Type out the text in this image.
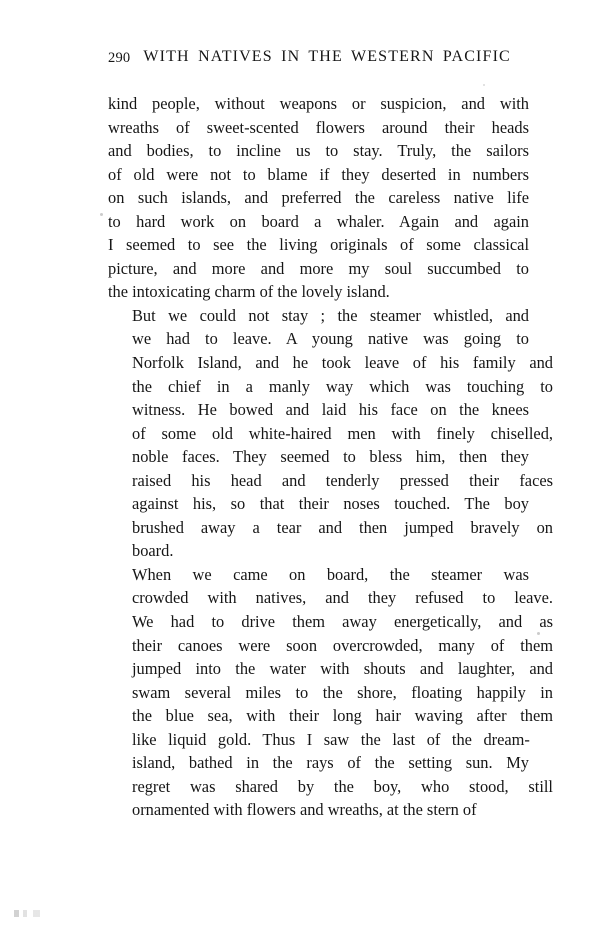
290 WITH NATIVES IN THE WESTERN PACIFIC

kind people, without weapons or suspicion, and with
wreaths of sweet-scented flowers around their heads
and bodies, to incline us to stay. Truly, the sailors
of old were not to blame if they deserted in numbers
on such islands, and preferred the careless native life
to hard work on board a whaler. Again and again
I seemed to see the living originals of some classical
picture, and more and more my soul succumbed to
the intoxicating charm of the lovely island.

But we could not stay ; the steamer whistled, and
we had to leave. A young native was going to
Norfolk Island, and he took leave of his family and
the chief in a manly way which was touching to
witness. He bowed and laid his face on the knees
of some old white-haired men with finely chiselled,
noble faces. They seemed to bless him, then they
raised his head and tenderly pressed their faces
against his, so that their noses touched. The boy
brushed away a tear and then jumped bravely on
board.

When we came on board, the steamer was
crowded with natives, and they refused to leave.
We had to drive them away energetically, and as
their canoes were soon overcrowded, many of them
jumped into the water with shouts and laughter, and
swam several miles to the shore, floating happily in
the blue sea, with their long hair waving after them
like liquid gold. Thus I saw the last of the dream-
island, bathed in the rays of the setting sun. My
regret was shared by the boy, who stood, still
ornamented with flowers and wreaths, at the stern of
